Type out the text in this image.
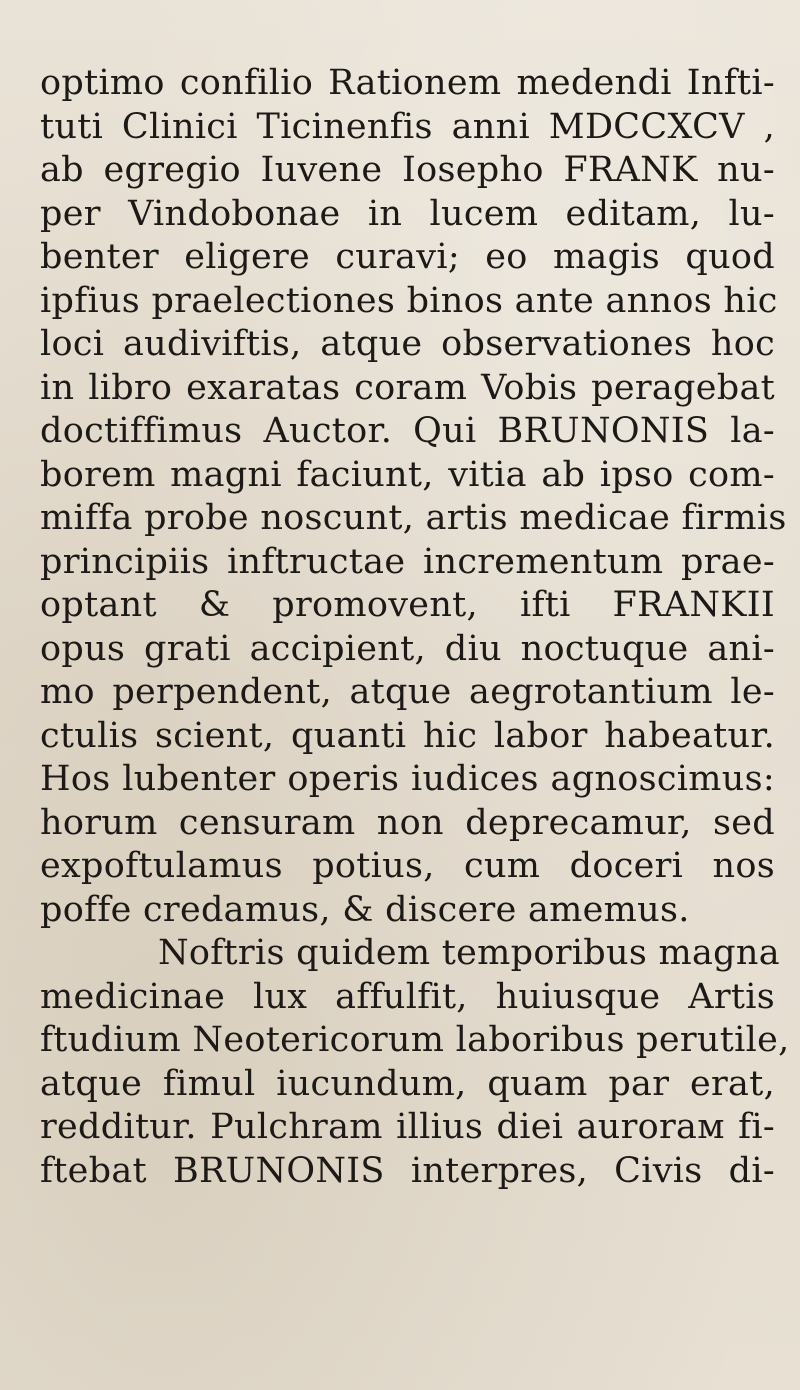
optimo confilio Rationem medendi Infti-
tuti Clinici Ticinenfis anni MDCCXCV ,
ab egregio Iuvene Iosepho FRANK nu-
per Vindobonae in lucem editam, lu-
benter eligere curavi; eo magis quod
ipfius praelectiones binos ante annos hic
loci audiviftis, atque observationes hoc
in libro exaratas coram Vobis peragebat
doctiffimus Auctor. Qui BRUNONIS la-
borem magni faciunt, vitia ab ipso com-
miffa probe noscunt, artis medicae firmis
principiis inftructae incrementum prae-
optant & promovent, ifti FRANKII
opus grati accipient, diu noctuque ani-
mo perpendent, atque aegrotantium le-
ctulis scient, quanti hic labor habeatur.
Hos lubenter operis iudices agnoscimus:
horum censuram non deprecamur, sed
expoftulamus potius, cum doceri nos
poffe credamus, & discere amemus.
Noftris quidem temporibus magna
medicinae lux affulfit, huiusque Artis
ftudium Neotericorum laboribus perutile,
atque fimul iucundum, quam par erat,
redditur. Pulchram illius diei aurorам fi-
ftebat BRUNONIS interpres, Civis di-
